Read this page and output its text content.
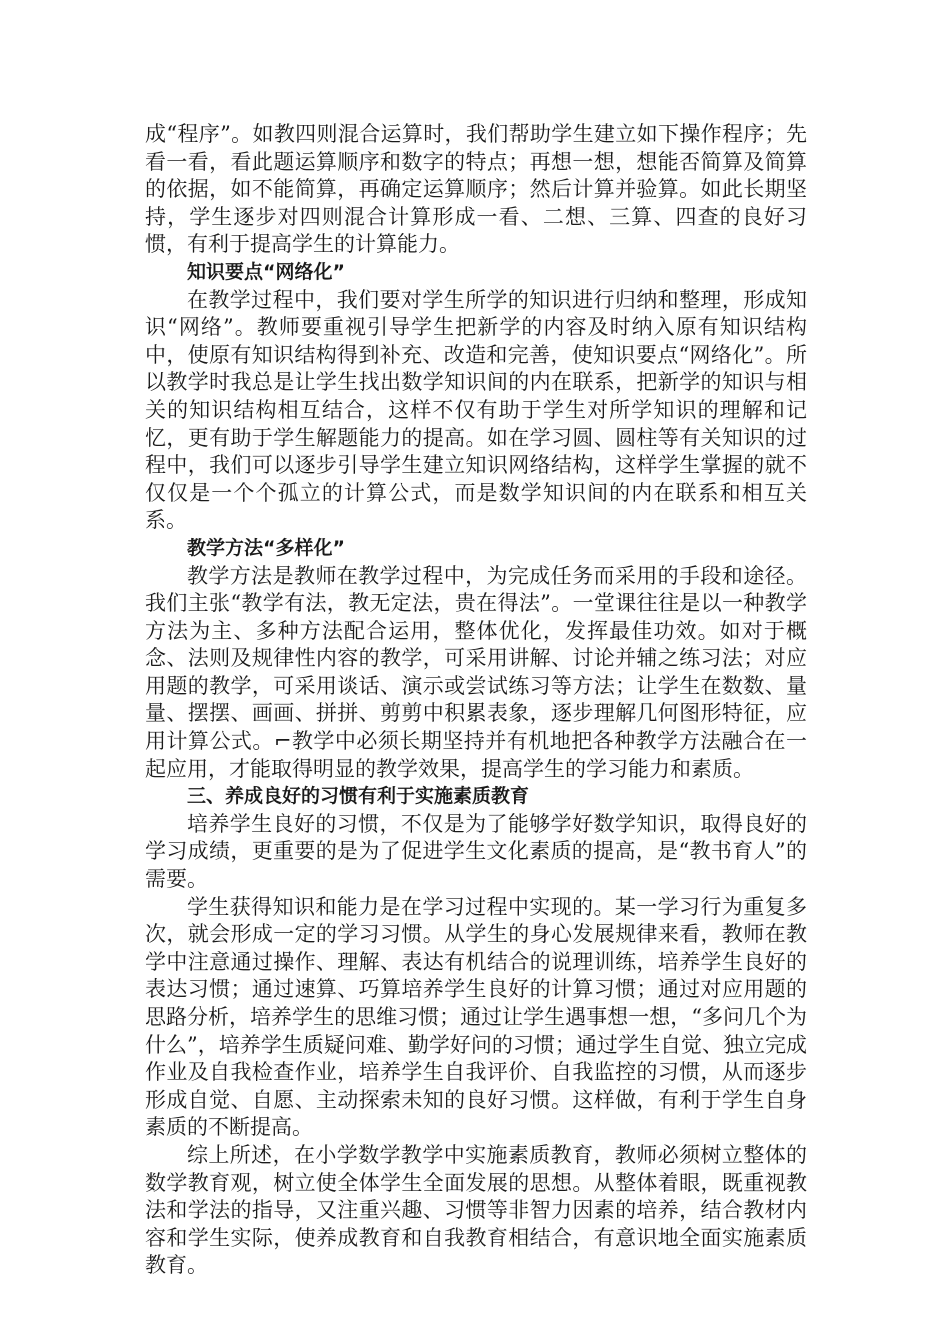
成“程序”。如教四则混合运算时，我们帮助学生建立如下操作程序；先看一看，看此题运算顺序和数字的特点；再想一想，想能否简算及简算的依据，如不能简算，再确定运算顺序；然后计算并验算。如此长期坚持，学生逐步对四则混合计算形成一看、二想、三算、四查的良好习惯，有利于提高学生的计算能力。

知识要点“网络化”

在教学过程中，我们要对学生所学的知识进行归纳和整理，形成知识“网络”。教师要重视引导学生把新学的内容及时纳入原有知识结构中，使原有知识结构得到补充、改造和完善，使知识要点“网络化”。所以教学时我总是让学生找出数学知识间的内在联系，把新学的知识与相关的知识结构相互结合，这样不仅有助于学生对所学知识的理解和记忆，更有助于学生解题能力的提高。如在学习圆、圆柱等有关知识的过程中，我们可以逐步引导学生建立知识网络结构，这样学生掌握的就不仅仅是一个个孤立的计算公式，而是数学知识间的内在联系和相互关系。

教学方法“多样化”

教学方法是教师在教学过程中，为完成任务而采用的手段和途径。我们主张“教学有法，教无定法，贵在得法”。一堂课往往是以一种教学方法为主、多种方法配合运用，整体优化，发挥最佳功效。如对于概念、法则及规律性内容的教学，可采用讲解、讨论并辅之练习法；对应用题的教学，可采用谈话、演示或尝试练习等方法；让学生在数数、量量、摆摆、画画、拼拼、剪剪中积累表象，逐步理解几何图形特征，应用计算公式。⌐教学中必须长期坚持并有机地把各种教学方法融合在一起应用，才能取得明显的教学效果，提高学生的学习能力和素质。

三、养成良好的习惯有利于实施素质教育

培养学生良好的习惯，不仅是为了能够学好数学知识，取得良好的学习成绩，更重要的是为了促进学生文化素质的提高，是“教书育人”的需要。

学生获得知识和能力是在学习过程中实现的。某一学习行为重复多次，就会形成一定的学习习惯。从学生的身心发展规律来看，教师在教学中注意通过操作、理解、表达有机结合的说理训练，培养学生良好的表达习惯；通过速算、巧算培养学生良好的计算习惯；通过对应用题的思路分析，培养学生的思维习惯；通过让学生遇事想一想，“多问几个为什么”，培养学生质疑问难、勤学好问的习惯；通过学生自觉、独立完成作业及自我检查作业，培养学生自我评价、自我监控的习惯，从而逐步形成自觉、自愿、主动探索未知的良好习惯。这样做，有利于学生自身素质的不断提高。

综上所述，在小学数学教学中实施素质教育，教师必须树立整体的数学教育观，树立使全体学生全面发展的思想。从整体着眼，既重视教法和学法的指导，又注重兴趣、习惯等非智力因素的培养，结合教材内容和学生实际，使养成教育和自我教育相结合，有意识地全面实施素质教育。
